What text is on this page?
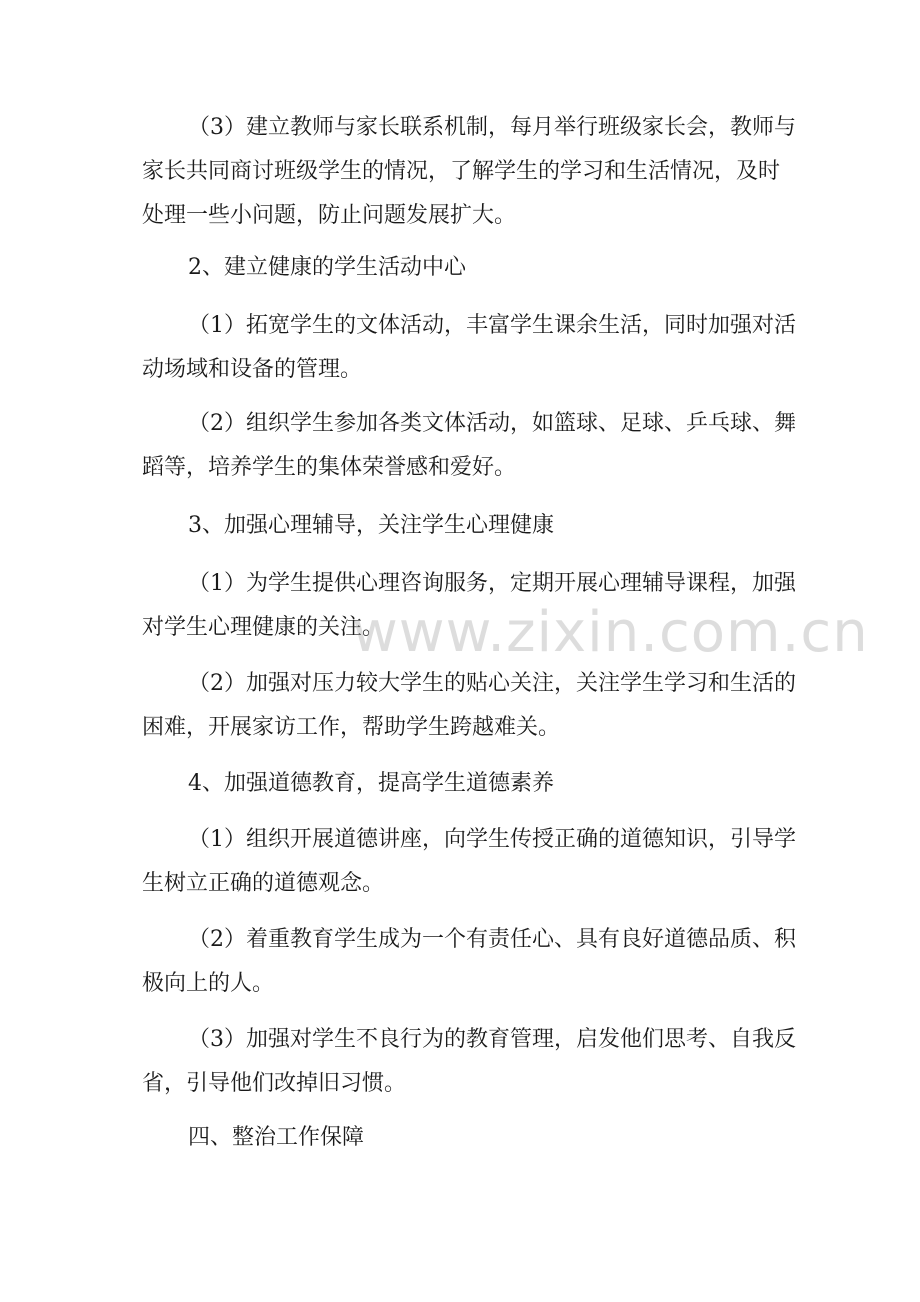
（3）建立教师与家长联系机制，每月举行班级家长会，教师与
家长共同商讨班级学生的情况，了解学生的学习和生活情况，及时
处理一些小问题，防止问题发展扩大。
2、建立健康的学生活动中心
（1）拓宽学生的文体活动，丰富学生课余生活，同时加强对活
动场域和设备的管理。
（2）组织学生参加各类文体活动，如篮球、足球、乒乓球、舞
蹈等，培养学生的集体荣誉感和爱好。
3、加强心理辅导，关注学生心理健康
（1）为学生提供心理咨询服务，定期开展心理辅导课程，加强
对学生心理健康的关注。
（2）加强对压力较大学生的贴心关注，关注学生学习和生活的
困难，开展家访工作，帮助学生跨越难关。
4、加强道德教育，提高学生道德素养
（1）组织开展道德讲座，向学生传授正确的道德知识，引导学
生树立正确的道德观念。
（2）着重教育学生成为一个有责任心、具有良好道德品质、积
极向上的人。
（3）加强对学生不良行为的教育管理，启发他们思考、自我反
省，引导他们改掉旧习惯。
四、整治工作保障
www.zixin.com.cn
